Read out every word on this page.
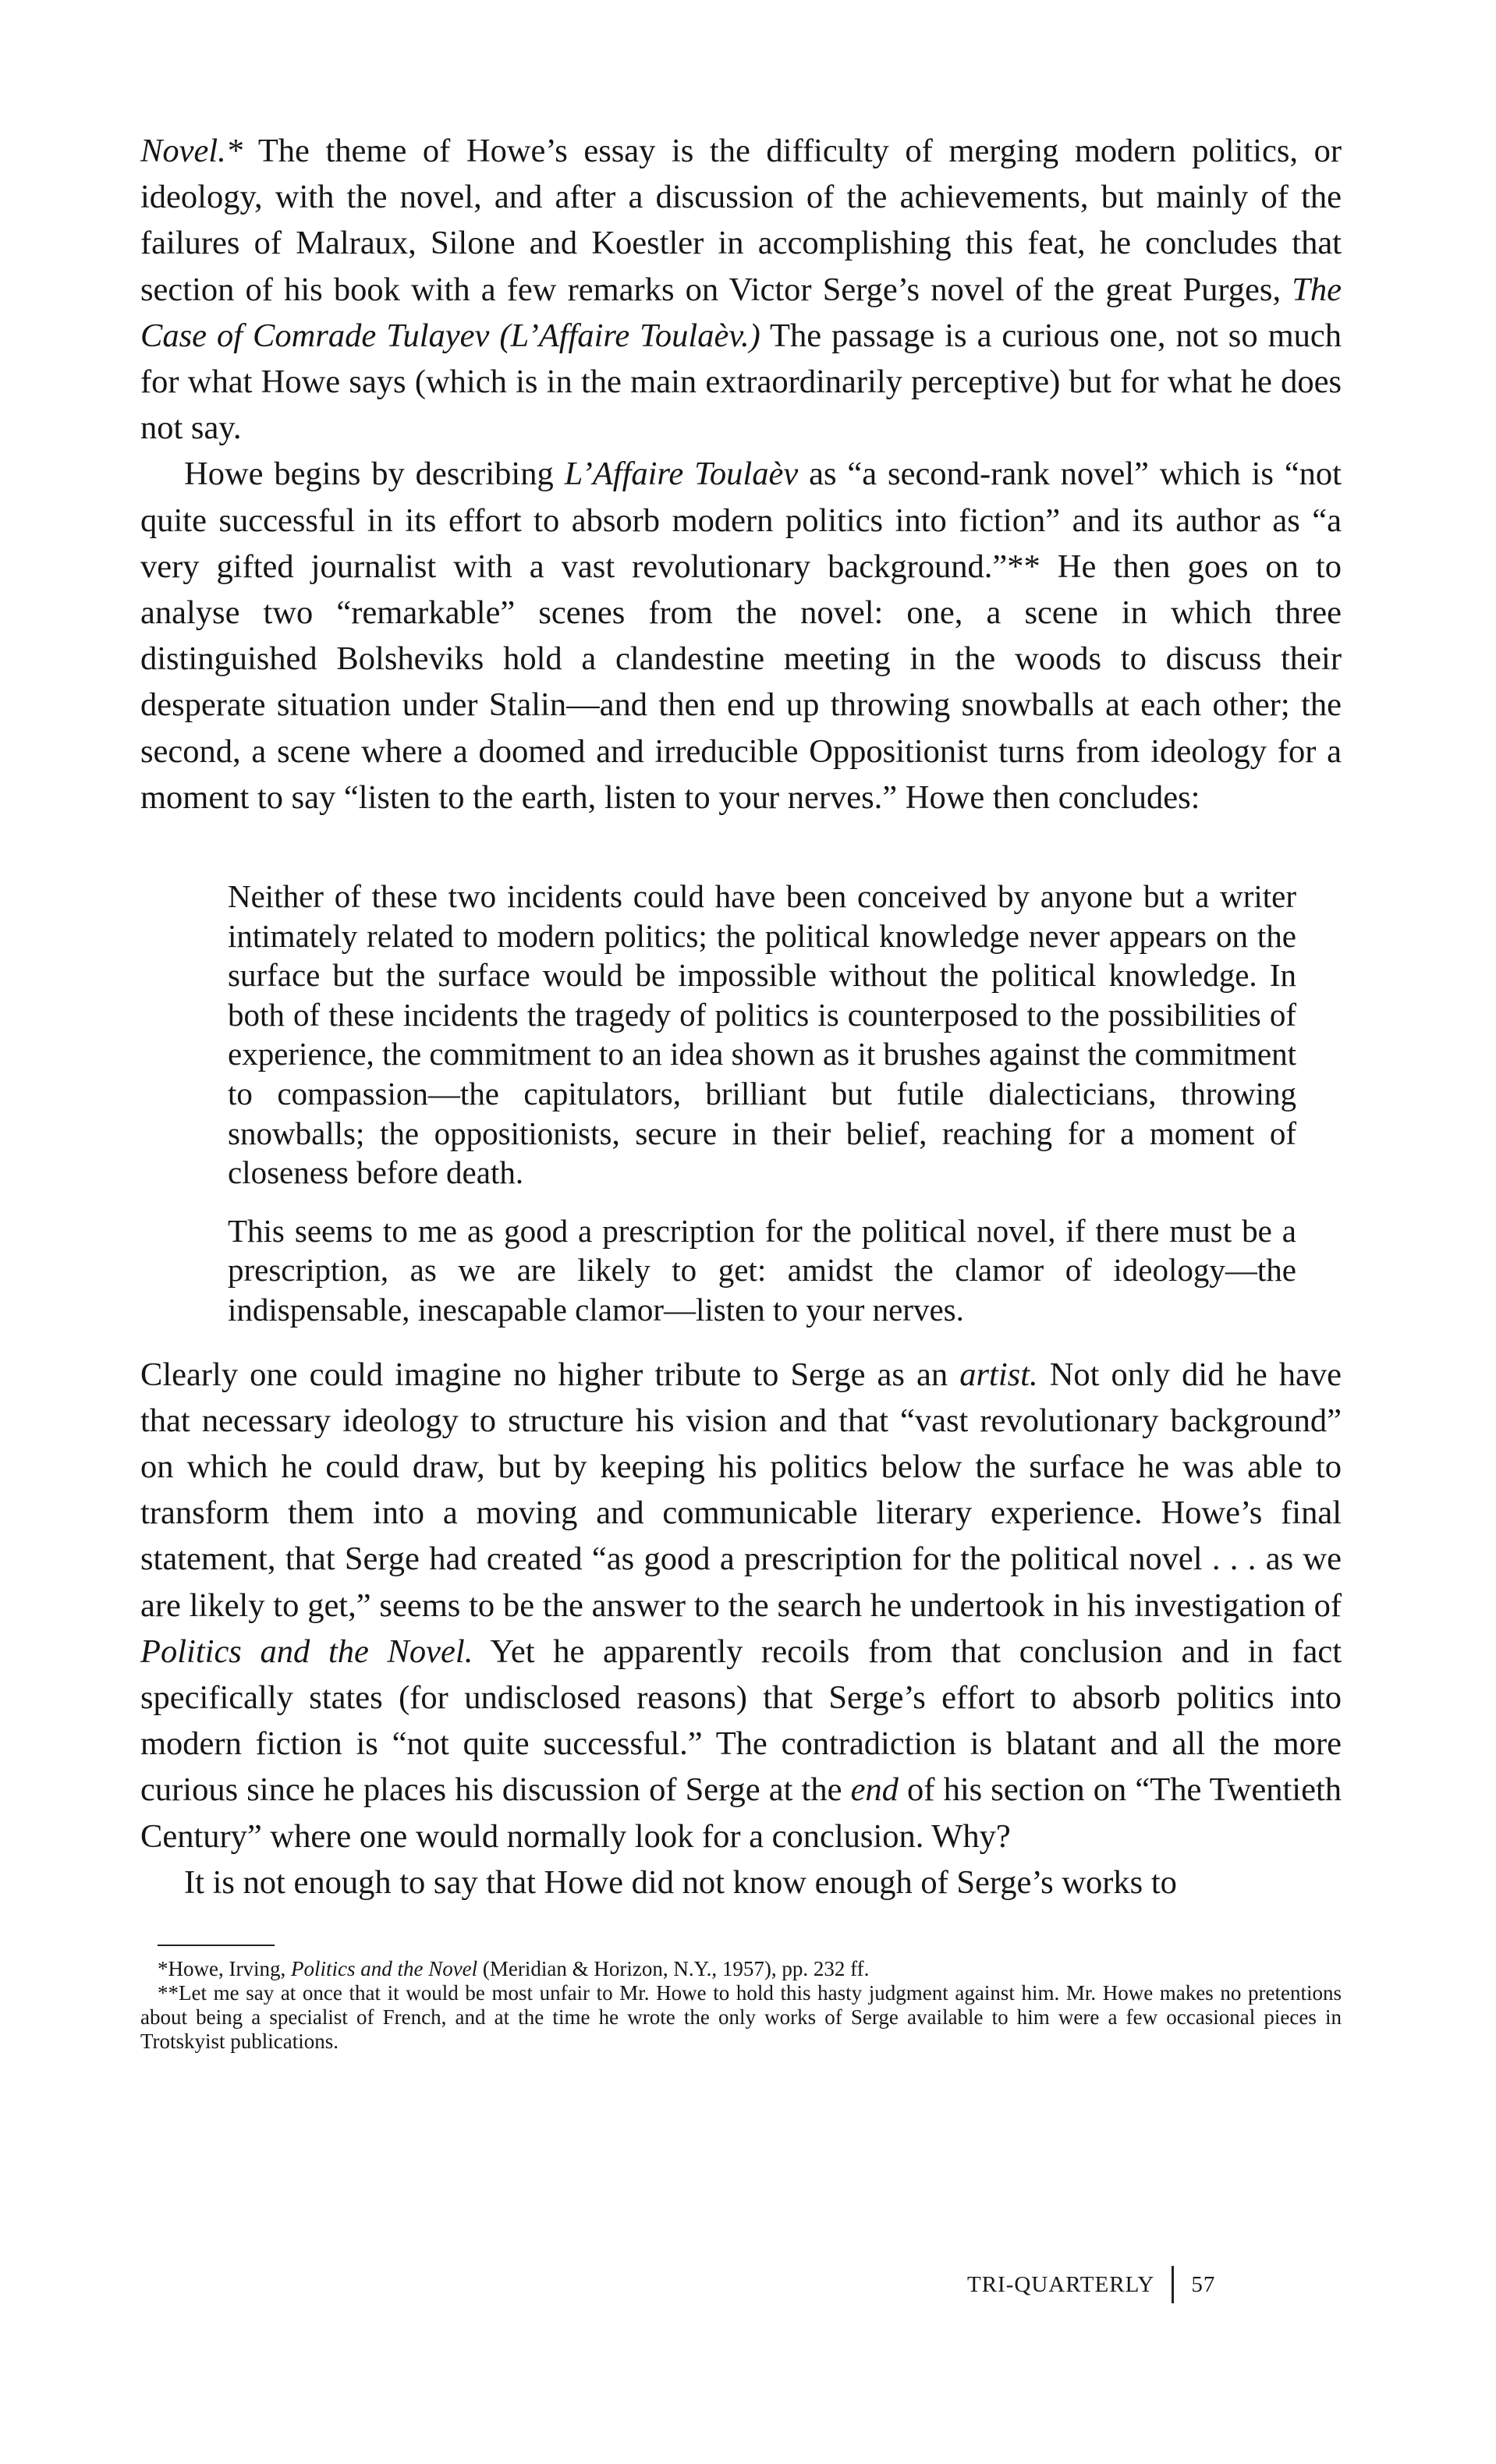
Novel.* The theme of Howe’s essay is the difficulty of merging modern politics, or ideology, with the novel, and after a discussion of the achievements, but mainly of the failures of Malraux, Silone and Koestler in accomplishing this feat, he concludes that section of his book with a few remarks on Victor Serge’s novel of the great Purges, The Case of Comrade Tulayev (L’Affaire Toulaèv.) The passage is a curious one, not so much for what Howe says (which is in the main extraordinarily perceptive) but for what he does not say.

Howe begins by describing L’Affaire Toulaèv as “a second-rank novel” which is “not quite successful in its effort to absorb modern politics into fiction” and its author as “a very gifted journalist with a vast revolutionary background.”** He then goes on to analyse two “remarkable” scenes from the novel: one, a scene in which three distinguished Bolsheviks hold a clandestine meeting in the woods to discuss their desperate situation under Stalin—and then end up throwing snowballs at each other; the second, a scene where a doomed and irreducible Oppositionist turns from ideology for a moment to say “listen to the earth, listen to your nerves.” Howe then concludes:

Neither of these two incidents could have been conceived by anyone but a writer intimately related to modern politics; the political knowledge never appears on the surface but the surface would be impossible without the political knowledge. In both of these incidents the tragedy of politics is counterposed to the possibilities of experience, the commitment to an idea shown as it brushes against the commitment to compassion—the capitulators, brilliant but futile dialecticians, throwing snowballs; the oppositionists, secure in their belief, reaching for a moment of closeness before death.

This seems to me as good a prescription for the political novel, if there must be a prescription, as we are likely to get: amidst the clamor of ideology—the indispensable, inescapable clamor—listen to your nerves.

Clearly one could imagine no higher tribute to Serge as an artist. Not only did he have that necessary ideology to structure his vision and that “vast revolutionary background” on which he could draw, but by keeping his politics below the surface he was able to transform them into a moving and communicable literary experience. Howe’s final statement, that Serge had created “as good a prescription for the political novel . . . as we are likely to get,” seems to be the answer to the search he undertook in his investigation of Politics and the Novel. Yet he apparently recoils from that conclusion and in fact specifically states (for undisclosed reasons) that Serge’s effort to absorb politics into modern fiction is “not quite successful.” The contradiction is blatant and all the more curious since he places his discussion of Serge at the end of his section on “The Twentieth Century” where one would normally look for a conclusion. Why?

It is not enough to say that Howe did not know enough of Serge’s works to

*Howe, Irving, Politics and the Novel (Meridian & Horizon, N.Y., 1957), pp. 232 ff.

**Let me say at once that it would be most unfair to Mr. Howe to hold this hasty judgment against him. Mr. Howe makes no pretentions about being a specialist of French, and at the time he wrote the only works of Serge available to him were a few occasional pieces in Trotskyist publications.

TRI-QUARTERLY	57
